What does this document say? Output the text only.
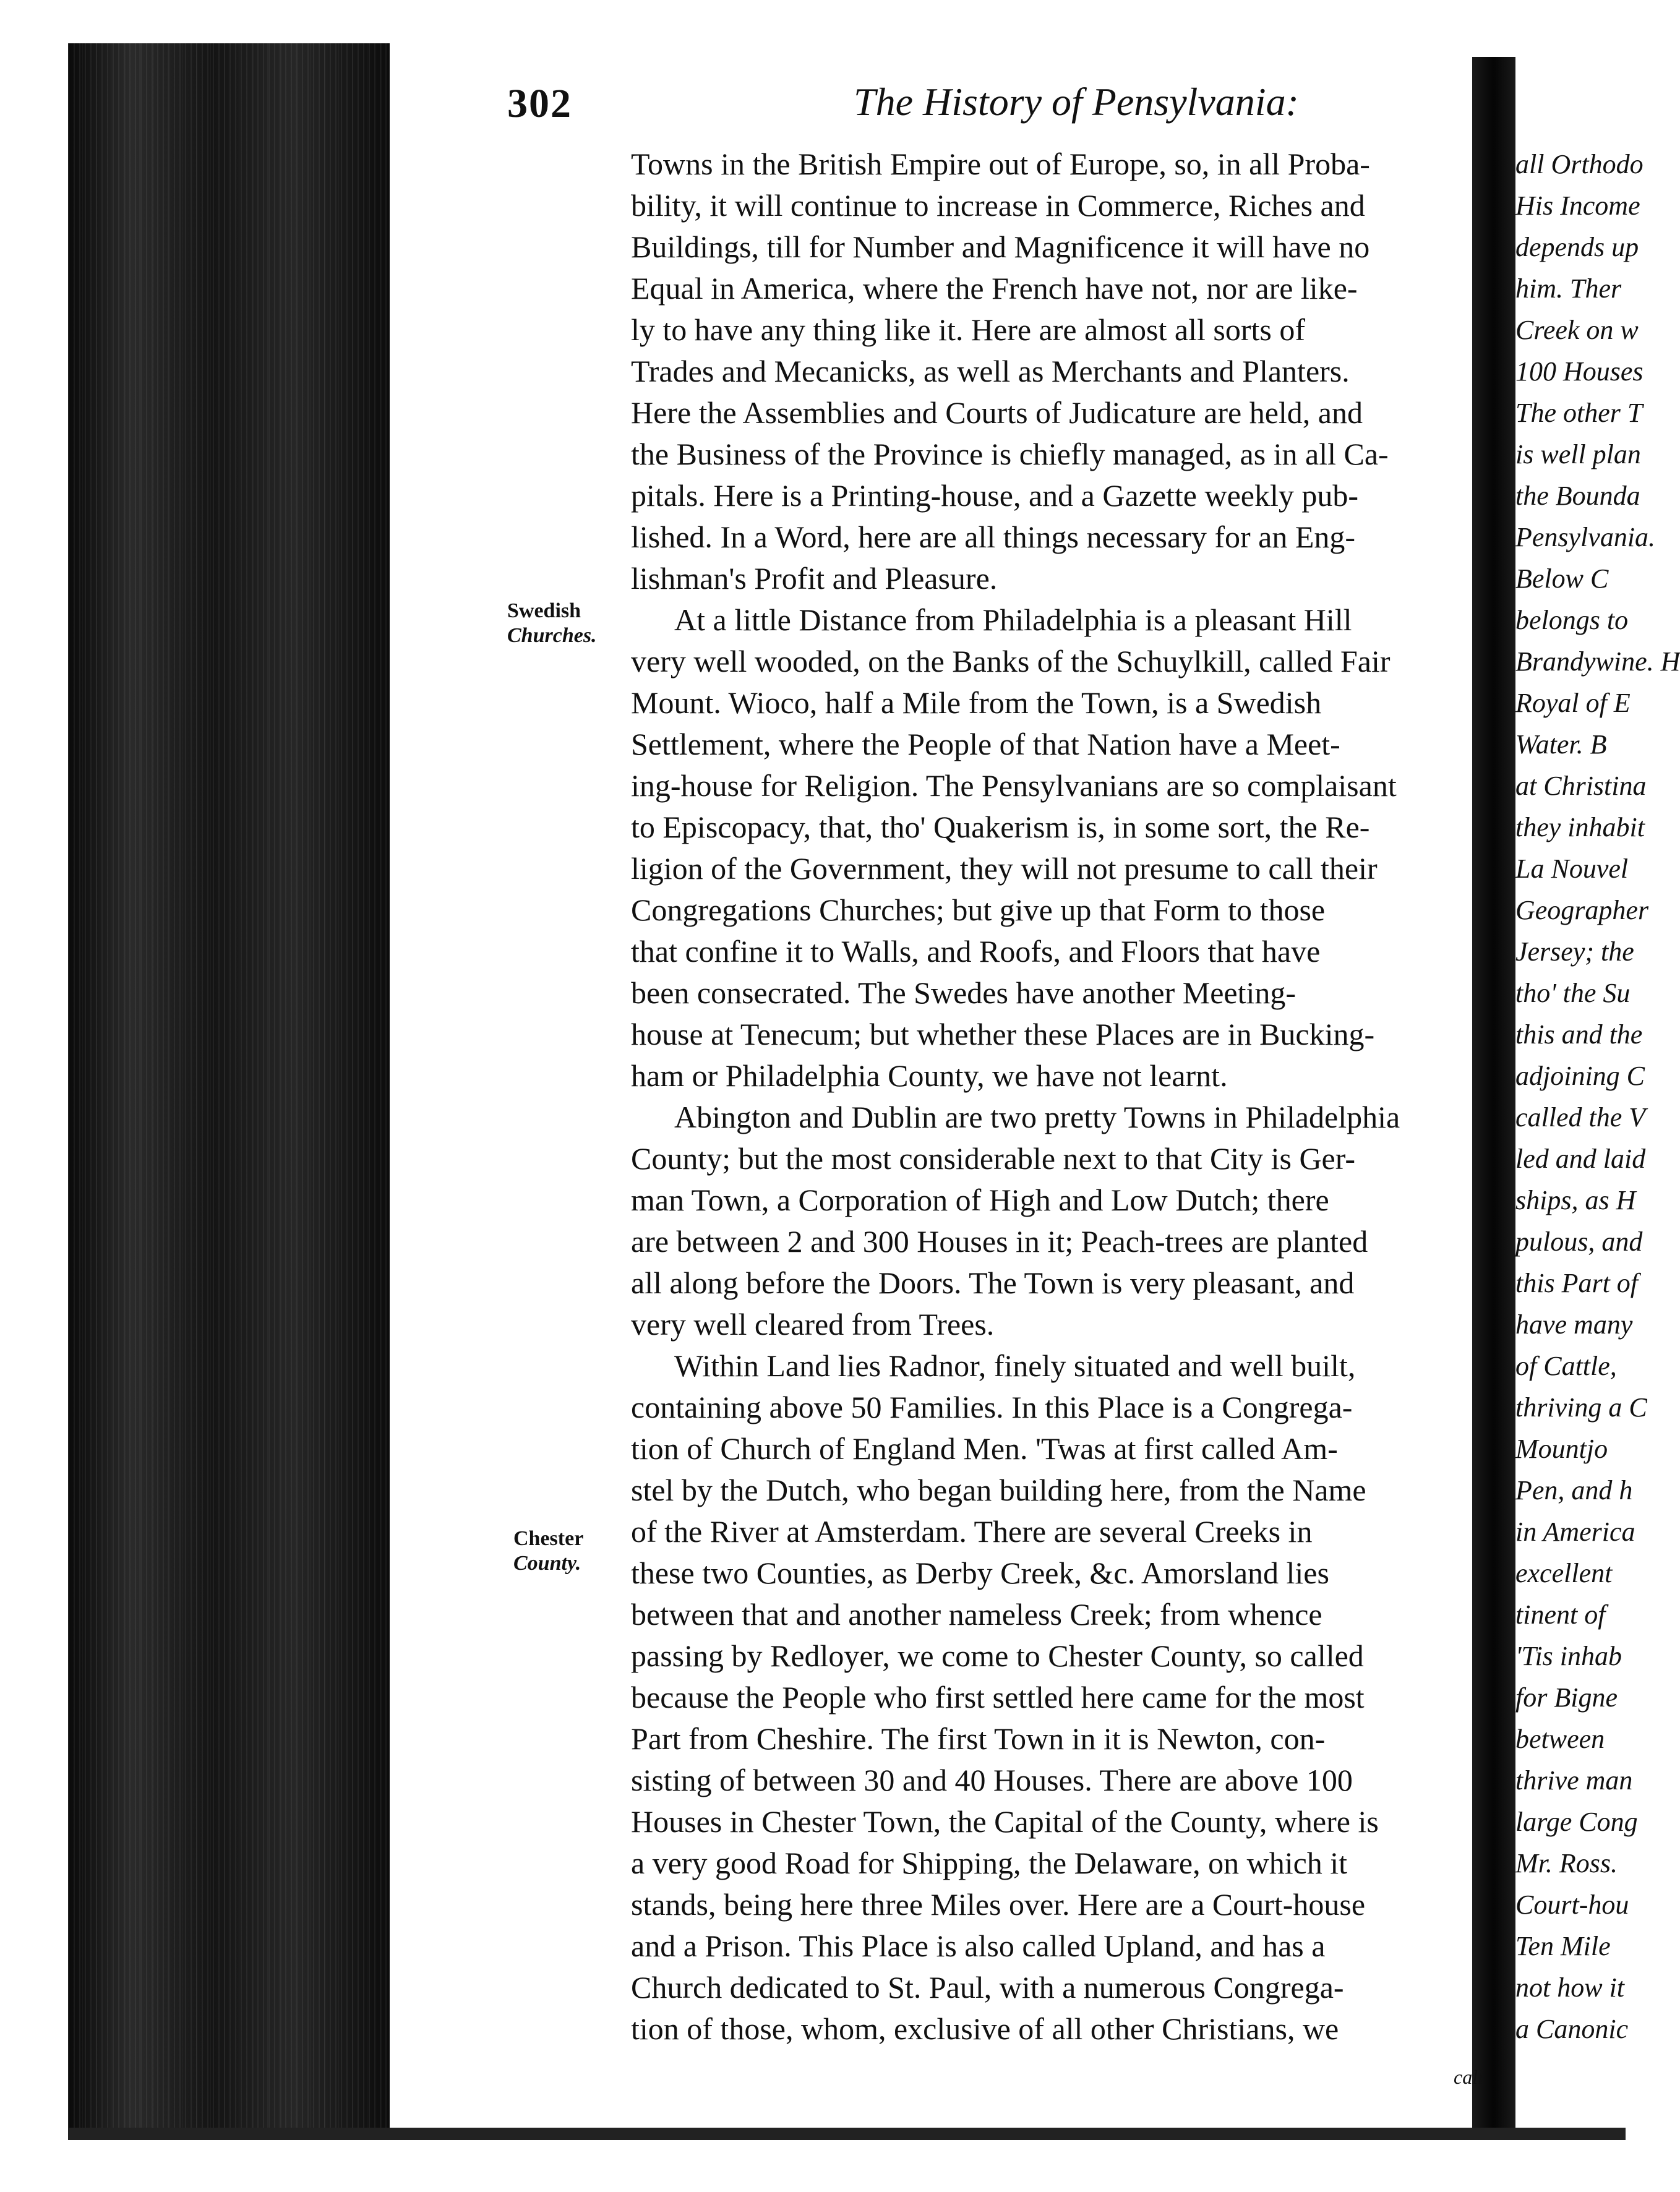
302	The History of Pensylvania:
Swedish
Churches.
Chester
County.
Towns in the British Empire out of Europe, so, in all Proba-
bility, it will continue to increase in Commerce, Riches and
Buildings, till for Number and Magnificence it will have no
Equal in America, where the French have not, nor are like-
ly to have any thing like it. Here are almost all sorts of
Trades and Mecanicks, as well as Merchants and Planters.
Here the Assemblies and Courts of Judicature are held, and
the Business of the Province is chiefly managed, as in all Ca-
pitals. Here is a Printing-house, and a Gazette weekly pub-
lished. In a Word, here are all things necessary for an Eng-
lishman's Profit and Pleasure.
At a little Distance from Philadelphia is a pleasant Hill
very well wooded, on the Banks of the Schuylkill, called Fair
Mount. Wioco, half a Mile from the Town, is a Swedish
Settlement, where the People of that Nation have a Meet-
ing-house for Religion. The Pensylvanians are so complaisant
to Episcopacy, that, tho' Quakerism is, in some sort, the Re-
ligion of the Government, they will not presume to call their
Congregations Churches; but give up that Form to those
that confine it to Walls, and Roofs, and Floors that have
been consecrated. The Swedes have another Meeting-
house at Tenecum; but whether these Places are in Bucking-
ham or Philadelphia County, we have not learnt.
Abington and Dublin are two pretty Towns in Philadelphia
County; but the most considerable next to that City is Ger-
man Town, a Corporation of High and Low Dutch; there
are between 2 and 300 Houses in it; Peach-trees are planted
all along before the Doors. The Town is very pleasant, and
very well cleared from Trees.
Within Land lies Radnor, finely situated and well built,
containing above 50 Families. In this Place is a Congrega-
tion of Church of England Men. 'Twas at first called Am-
stel by the Dutch, who began building here, from the Name
of the River at Amsterdam. There are several Creeks in
these two Counties, as Derby Creek, &c. Amorsland lies
between that and another nameless Creek; from whence
passing by Redloyer, we come to Chester County, so called
because the People who first settled here came for the most
Part from Cheshire. The first Town in it is Newton, con-
sisting of between 30 and 40 Houses. There are above 100
Houses in Chester Town, the Capital of the County, where is
a very good Road for Shipping, the Delaware, on which it
stands, being here three Miles over. Here are a Court-house
and a Prison. This Place is also called Upland, and has a
Church dedicated to St. Paul, with a numerous Congrega-
tion of those, whom, exclusive of all other Christians, we
all Orthodo
His Income
depends up
him. Ther
Creek on w
100 Houses
The other T
is well plan
the Bounda
Pensylvania.
Below C
belongs to
Brandywine. H
Royal of E
Water. B
at Christina
they inhabit
La Nouvel
Geographer
Jersey; the
tho' the Su
this and the
adjoining C
called the V
led and laid
ships, as H
pulous, and
this Part of
have many
of Cattle,
thriving a C
Mountjo
Pen, and h
in America
excellent
tinent of
'Tis inhab
for Bigne
between
thrive man
large Cong
Mr. Ross.
Court-hou
Ten Mile
not how it
a Canonic
call
